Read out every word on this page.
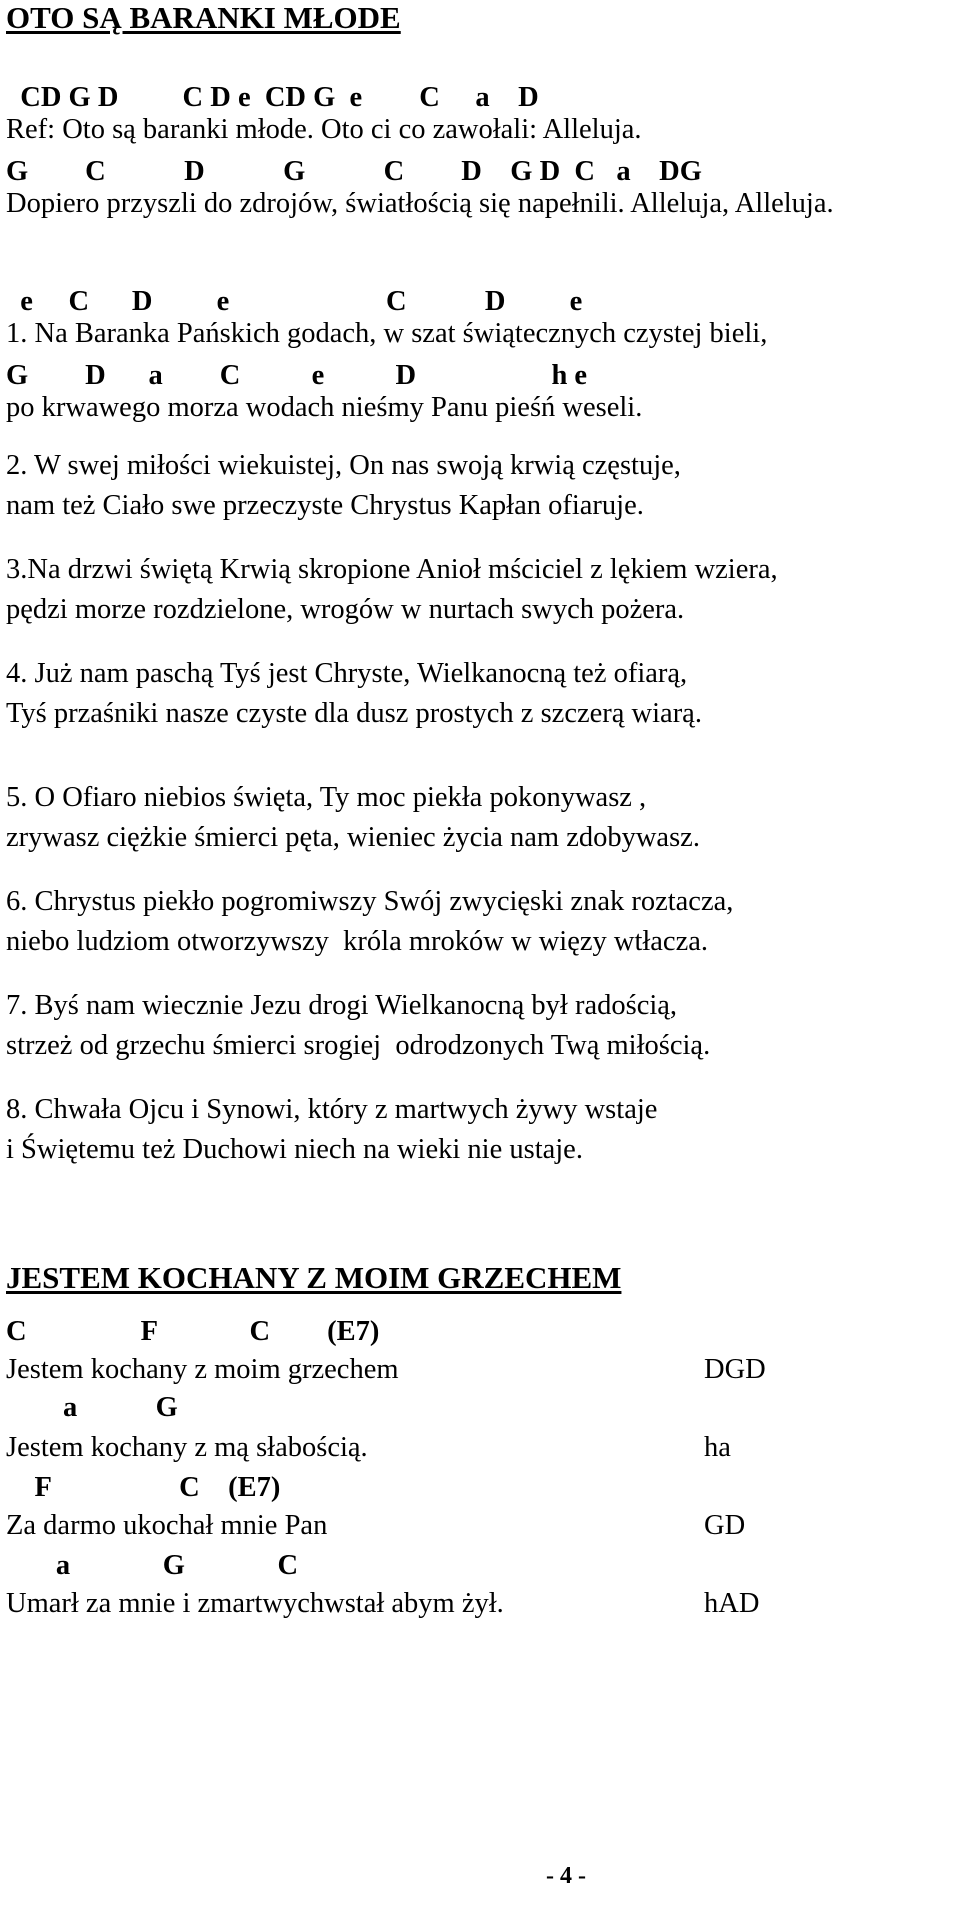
OTO SĄ BARANKI MŁODE
CD G D         C D e  CD G  e        C     a    D
Ref: Oto są baranki młode. Oto ci co zawołali: Alleluja.
G        C           D           G           C        D    G D  C   a    DG
Dopiero przyszli do zdrojów, światłością się napełnili. Alleluja, Alleluja.
e     C      D         e                      C           D         e
1. Na Baranka Pańskich godach, w szat świątecznych czystej bieli,
G        D      a        C          e          D                   h e
po krwawego morza wodach nieśmy Panu pieśń weseli.
2. W swej miłości wiekuistej, On nas swoją krwią częstuje,
nam też Ciało swe przeczyste Chrystus Kapłan ofiaruje.
3.Na drzwi świętą Krwią skropione Anioł mściciel z lękiem wziera,
pędzi morze rozdzielone, wrogów w nurtach swych pożera.
4. Już nam paschą Tyś jest Chryste, Wielkanocną też ofiarą,
Tyś przaśniki nasze czyste dla dusz prostych z szczerą wiarą.
5. O Ofiaro niebios święta, Ty moc piekła pokonywasz ,
zrywasz ciężkie śmierci pęta, wieniec życia nam zdobywasz.
6. Chrystus piekło pogromiwszy Swój zwycięski znak roztacza,
niebo ludziom otworzywszy  króla mroków w więzy wtłacza.
7. Byś nam wiecznie Jezu drogi Wielkanocną był radością,
strzeż od grzechu śmierci srogiej  odrodzonych Twą miłością.
8. Chwała Ojcu i Synowi, który z martwych żywy wstaje
i Świętemu też Duchowi niech na wieki nie ustaje.
JESTEM KOCHANY Z MOIM GRZECHEM
C                F             C        (E7)
Jestem kochany z moim grzechem	DGD
a           G
Jestem kochany z mą słabością.	ha
F                  C    (E7)
Za darmo ukochał mnie Pan	GD
a             G             C
Umarł za mnie i zmartwychwstał abym żył.	hAD
- 4 -
